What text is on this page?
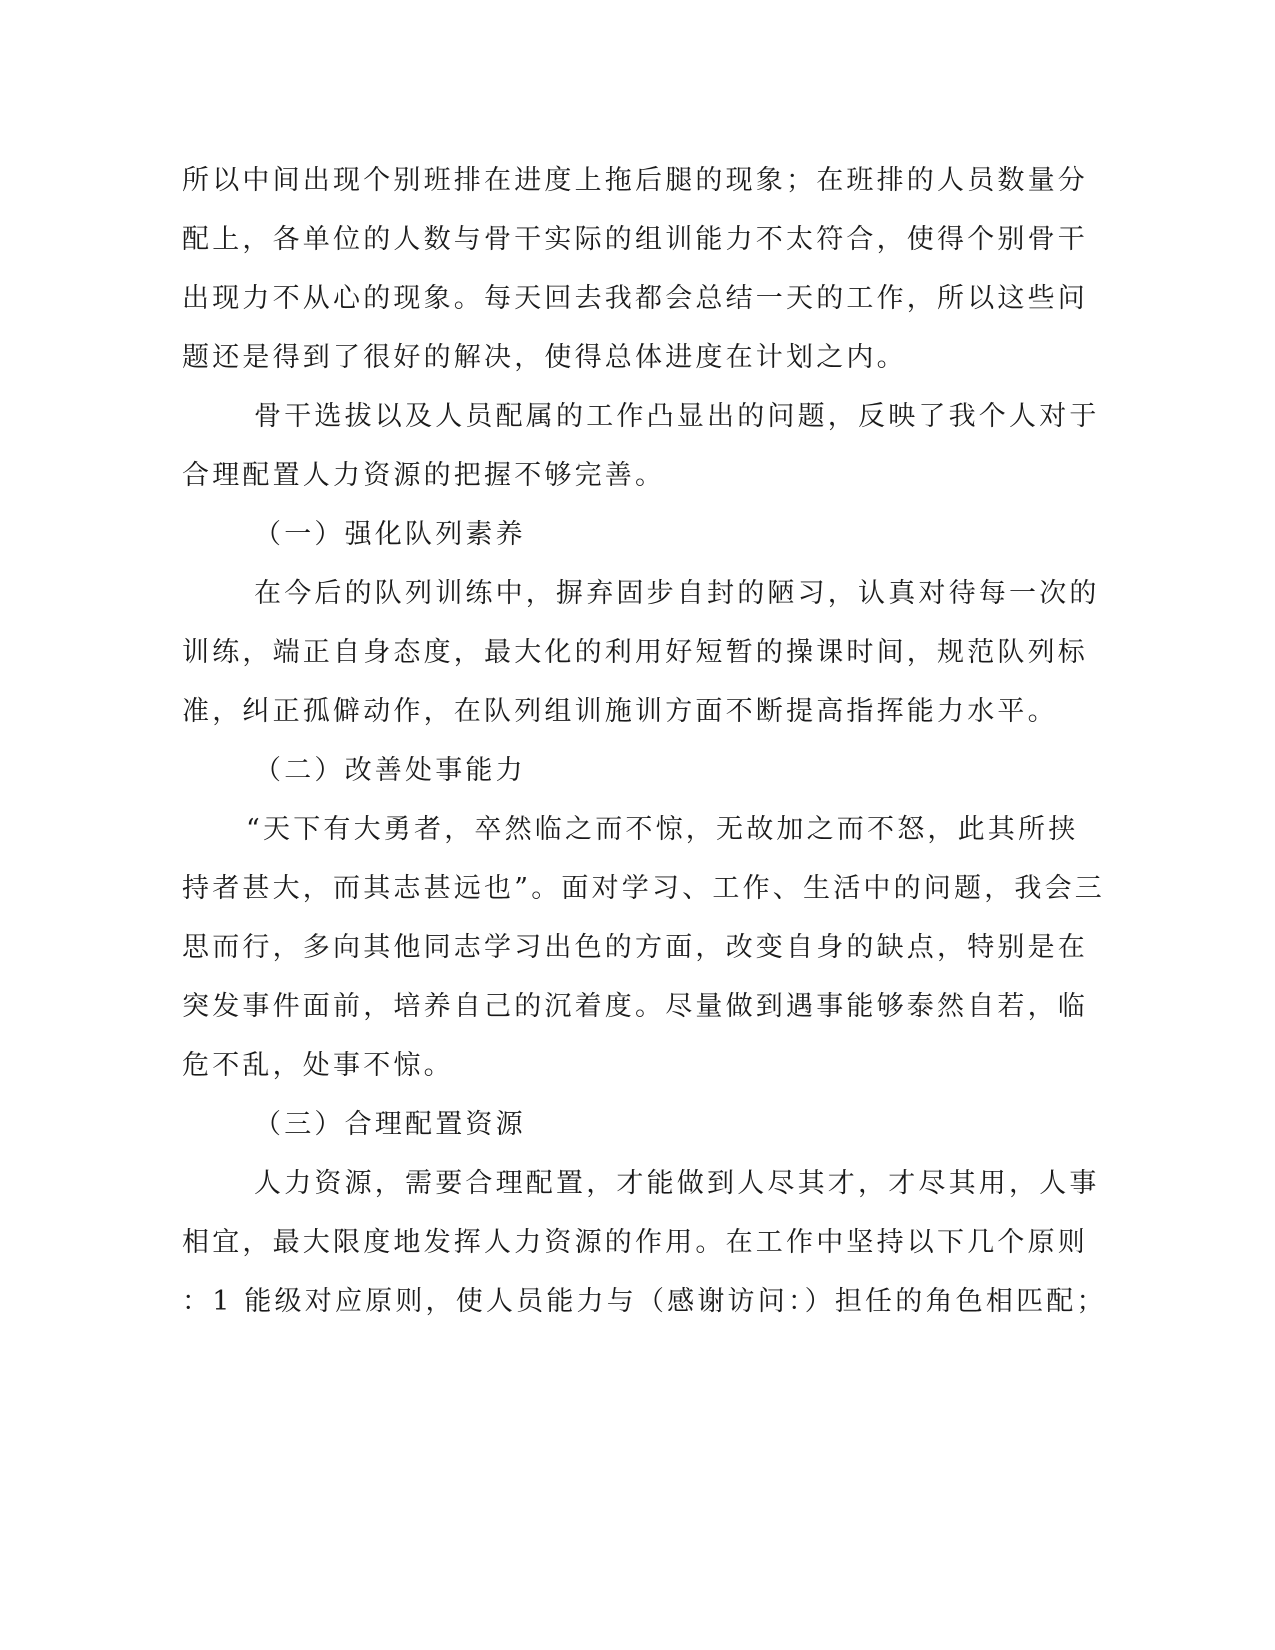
所以中间出现个别班排在进度上拖后腿的现象；在班排的人员数量分
配上，各单位的人数与骨干实际的组训能力不太符合，使得个别骨干
出现力不从心的现象。每天回去我都会总结一天的工作，所以这些问
题还是得到了很好的解决，使得总体进度在计划之内。
骨干选拔以及人员配属的工作凸显出的问题，反映了我个人对于
合理配置人力资源的把握不够完善。
（一）强化队列素养
在今后的队列训练中，摒弃固步自封的陋习，认真对待每一次的
训练，端正自身态度，最大化的利用好短暂的操课时间，规范队列标
准，纠正孤僻动作，在队列组训施训方面不断提高指挥能力水平。
（二）改善处事能力
“天下有大勇者，卒然临之而不惊，无故加之而不怒，此其所挟
持者甚大，而其志甚远也”。面对学习、工作、生活中的问题，我会三
思而行，多向其他同志学习出色的方面，改变自身的缺点，特别是在
突发事件面前，培养自己的沉着度。尽量做到遇事能够泰然自若，临
危不乱，处事不惊。
（三）合理配置资源
人力资源，需要合理配置，才能做到人尽其才，才尽其用，人事
相宜，最大限度地发挥人力资源的作用。在工作中坚持以下几个原则
：1 能级对应原则，使人员能力与（感谢访问：）担任的角色相匹配；
